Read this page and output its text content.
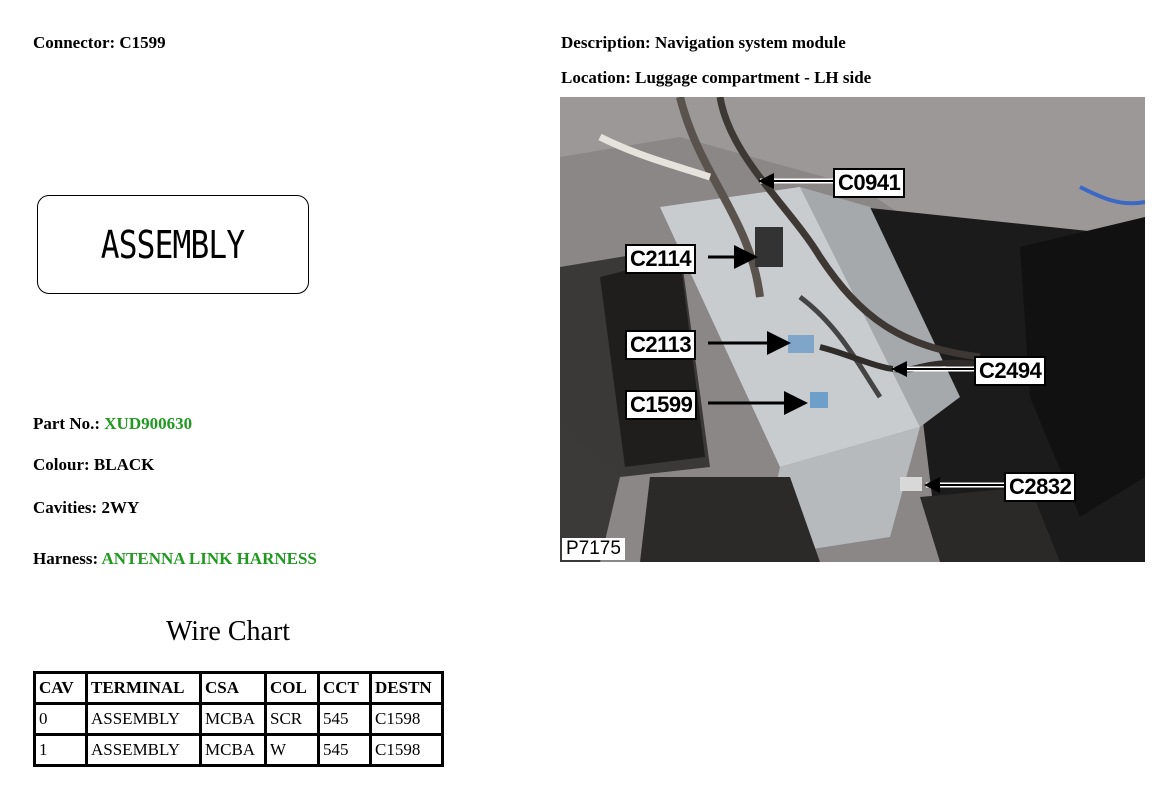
Connector: C1599	Description: Navigation system module
Location: Luggage compartment - LH side
ASSEMBLY
Part No.: XUD900630
Colour: BLACK
Cavities: 2WY
Harness: ANTENNA LINK HARNESS
Wire Chart
CAV	TERMINAL	CSA	COL	CCT	DESTN
0	ASSEMBLY	MCBA	SCR	545	C1598
1	ASSEMBLY	MCBA	W	545	C1598
C0941
C2114
C2113
C2494
C1599
C2832
P7175
